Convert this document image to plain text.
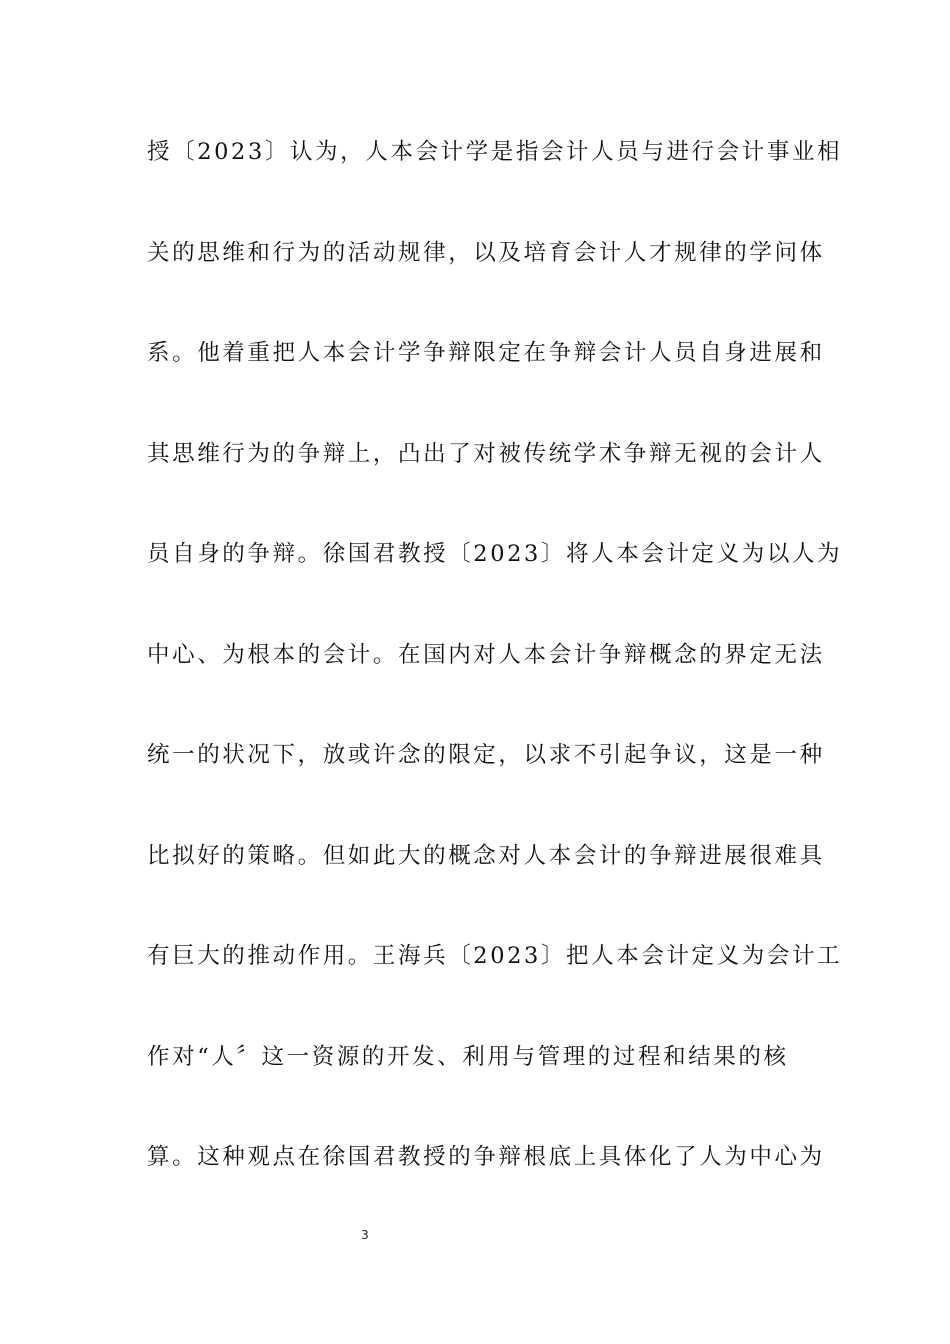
授〔2023〕认为，人本会计学是指会计人员与进行会计事业相
关的思维和行为的活动规律，以及培育会计人才规律的学问体
系。他着重把人本会计学争辩限定在争辩会计人员自身进展和
其思维行为的争辩上，凸出了对被传统学术争辩无视的会计人
员自身的争辩。徐国君教授〔2023〕将人本会计定义为以人为
中心、为根本的会计。在国内对人本会计争辩概念的界定无法
统一的状况下，放或许念的限定，以求不引起争议，这是一种
比拟好的策略。但如此大的概念对人本会计的争辩进展很难具
有巨大的推动作用。王海兵〔2023〕把人本会计定义为会计工
作对“人〞这一资源的开发、利用与管理的过程和结果的核
算。这种观点在徐国君教授的争辩根底上具体化了人为中心为
3
